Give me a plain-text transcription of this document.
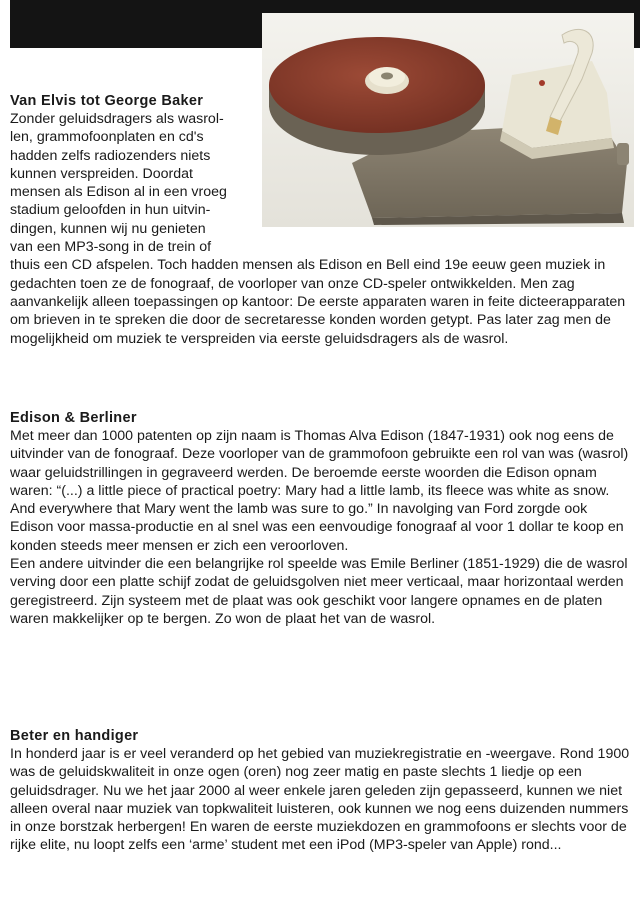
Van Elvis tot George Baker
Zonder geluidsdragers als wasrol-
len, grammofoonplaten en cd's
hadden zelfs radiozenders niets
kunnen verspreiden. Doordat
mensen als Edison al in een vroeg
stadium geloofden in hun uitvin-
dingen, kunnen wij nu genieten
van een MP3-song in de trein of

thuis een CD afspelen. Toch hadden mensen als Edison en Bell eind 19e eeuw geen muziek in gedachten toen ze de fonograaf, de voorloper van onze CD-speler ontwikkelden. Men zag aanvankelijk alleen toepassingen op kantoor: De eerste apparaten waren in feite dicteerapparaten om brieven in te spreken die door de secretaresse konden worden getypt. Pas later zag men de mogelijkheid om muziek te verspreiden via eerste geluidsdragers als de wasrol.

Edison & Berliner

Met meer dan 1000 patenten op zijn naam is Thomas Alva Edison (1847-1931) ook nog eens de uitvinder van de fonograaf. Deze voorloper van de grammofoon gebruikte een rol van was (wasrol) waar geluidstrillingen in gegraveerd werden. De beroemde eerste woorden die Edison opnam waren: “(...) a little piece of practical poetry: Mary had a little lamb, its fleece was white as snow. And everywhere that Mary went the lamb was sure to go.” In navolging van Ford zorgde ook Edison voor massa-productie en al snel was een eenvoudige fonograaf al voor 1 dollar te koop en konden steeds meer mensen er zich een veroorloven.

Een andere uitvinder die een belangrijke rol speelde was Emile Berliner (1851-1929) die de wasrol verving door een platte schijf zodat de geluidsgolven niet meer verticaal, maar horizontaal werden geregistreerd. Zijn systeem met de plaat was ook geschikt voor langere opnames en de platen waren makkelijker op te bergen. Zo won de plaat het van de wasrol.

Beter en handiger

In honderd jaar is er veel veranderd op het gebied van muziekregistratie en -weergave. Rond 1900 was de geluidskwaliteit in onze ogen (oren) nog zeer matig en paste slechts 1 liedje op een geluidsdrager. Nu we het jaar 2000 al weer enkele jaren geleden zijn gepasseerd, kunnen we niet alleen overal naar muziek van topkwaliteit luisteren, ook kunnen we nog eens duizenden nummers in onze borstzak herbergen! En waren de eerste muziekdozen en grammofoons er slechts voor de rijke elite, nu loopt zelfs een ‘arme’ student met een iPod (MP3-speler van Apple) rond...
